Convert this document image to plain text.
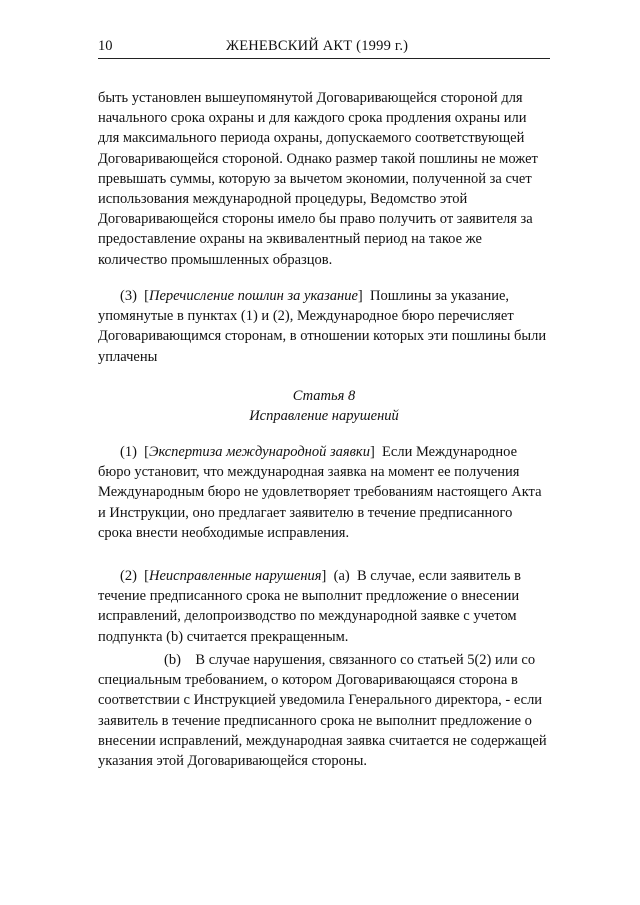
10	ЖЕНЕВСКИЙ АКТ (1999 г.)

быть установлен вышеупомянутой Договаривающейся стороной для начального срока охраны и для каждого срока продления охраны или для максимального периода охраны, допускаемого соответствующей Договаривающейся стороной. Однако размер такой пошлины не может превышать суммы, которую за вычетом экономии, полученной за счет использования международной процедуры, Ведомство этой Договаривающейся стороны имело бы право получить от заявителя за предоставление охраны на эквивалентный период на такое же количество промышленных образцов.

(3)  [Перечисление пошлин за указание]  Пошлины за указание, упомянутые в пунктах (1) и (2), Международное бюро перечисляет Договаривающимся сторонам, в отношении которых эти пошлины были уплачены

Статья 8
Исправление нарушений

(1)  [Экспертиза международной заявки]  Если Международное бюро установит, что международная заявка на момент ее получения Международным бюро не удовлетворяет требованиям настоящего Акта и Инструкции, оно предлагает заявителю в течение предписанного срока внести необходимые исправления.

(2)  [Неисправленные нарушения]  (a) В случае, если заявитель в течение предписанного срока не выполнит предложение о внесении исправлений, делопроизводство по международной заявке с учетом подпункта (b) считается прекращенным.

(b) В случае нарушения, связанного со статьей 5(2) или со специальным требованием, о котором Договаривающаяся сторона в соответствии с Инструкцией уведомила Генерального директора, - если заявитель в течение предписанного срока не выполнит предложение о внесении исправлений, международная заявка считается не содержащей указания этой Договаривающейся стороны.
